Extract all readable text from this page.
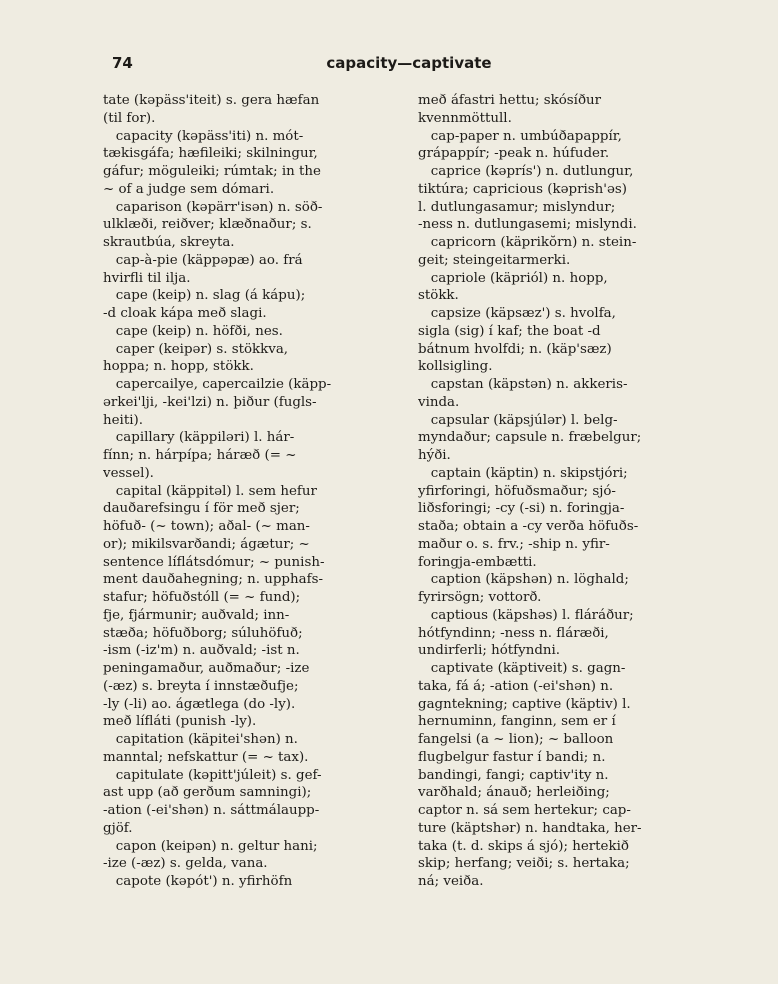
74	capacity—captivate
tate (kəpäss'iteit) s. gera hæfan
(til for).
capacity (kəpäss'iti) n. mót-
tækisgáfa; hæfileiki; skilningur,
gáfur; möguleiki; rúmtak; in the
~ of a judge sem dómari.
caparison (kəpärr'isən) n. söð-
ulklæði, reiðver; klæðnaður; s.
skrautbúa, skreyta.
cap-à-pie (käppəpæ) ao. frá
hvirfli til ilja.
cape (keip) n. slag (á kápu);
-d cloak kápa með slagi.
cape (keip) n. höfði, nes.
caper (keipər) s. stökkva,
hoppa; n. hopp, stökk.
capercailye, capercailzie (käpp-
ərkei'lji, -kei'lzi) n. þiður (fugls-
heiti).
capillary (käppiləri) l. hár-
fínn; n. hárpípa; háræð (= ~
vessel).
capital (käppitəl) l. sem hefur
dauðarefsingu í för með sjer;
höfuð- (~ town); aðal- (~ man-
or); mikilsvarðandi; ágætur; ~
sentence líflátsdómur; ~ punish-
ment dauðahegning; n. upphafs-
stafur; höfuðstóll (= ~ fund);
fje, fjármunir; auðvald; inn-
stæða; höfuðborg; súluhöfuð;
-ism (-iz'm) n. auðvald; -ist n.
peningamaður, auðmaður; -ize
(-æz) s. breyta í innstæðufje;
-ly (-li) ao. ágætlega (do -ly).
með lífláti (punish -ly).
capitation (käpitei'shən) n.
manntal; nefskattur (= ~ tax).
capitulate (kəpitt'júleit) s. gef-
ast upp (að gerðum samningi);
-ation (-ei'shən) n. sáttmálaupp-
gjöf.
capon (keipən) n. geltur hani;
-ize (-æz) s. gelda, vana.
capote (kəpót') n. yfirhöfn
með áfastri hettu; skósíður
kvennmöttull.
cap-paper n. umbúðapappír,
grápappír; -peak n. húfuder.
caprice (kəprís') n. dutlungur,
tiktúra; capricious (kəprish'əs)
l. dutlungasamur; mislyndur;
-ness n. dutlungasemi; mislyndi.
capricorn (käprikŏrn) n. stein-
geit; steingeitarmerki.
capriole (käpriól) n. hopp,
stökk.
capsize (käpsæz') s. hvolfa,
sigla (sig) í kaf; the boat -d
bátnum hvolfdi; n. (käp'sæz)
kollsigling.
capstan (käpstən) n. akkeris-
vinda.
capsular (käpsjúlər) l. belg-
myndaður; capsule n. fræbelgur;
hýði.
captain (käptin) n. skipstjóri;
yfirforingi, höfuðsmaður; sjó-
liðsforingi; -cy (-si) n. foringja-
staða; obtain a -cy verða höfuðs-
maður o. s. frv.; -ship n. yfir-
foringja-embætti.
caption (käpshən) n. löghald;
fyrirsögn; vottorð.
captious (käpshəs) l. fláráður;
hótfyndinn; -ness n. fláræði,
undirferli; hótfyndni.
captivate (käptiveit) s. gagn-
taka, fá á; -ation (-ei'shən) n.
gagntekning; captive (käptiv) l.
hernuminn, fanginn, sem er í
fangelsi (a ~ lion); ~ balloon
flugbelgur fastur í bandi; n.
bandingi, fangi; captiv'ity n.
varðhald; ánauð; herleiðing;
captor n. sá sem hertekur; cap-
ture (käptshər) n. handtaka, her-
taka (t. d. skips á sjó); hertekið
skip; herfang; veiði; s. hertaka;
ná; veiða.
